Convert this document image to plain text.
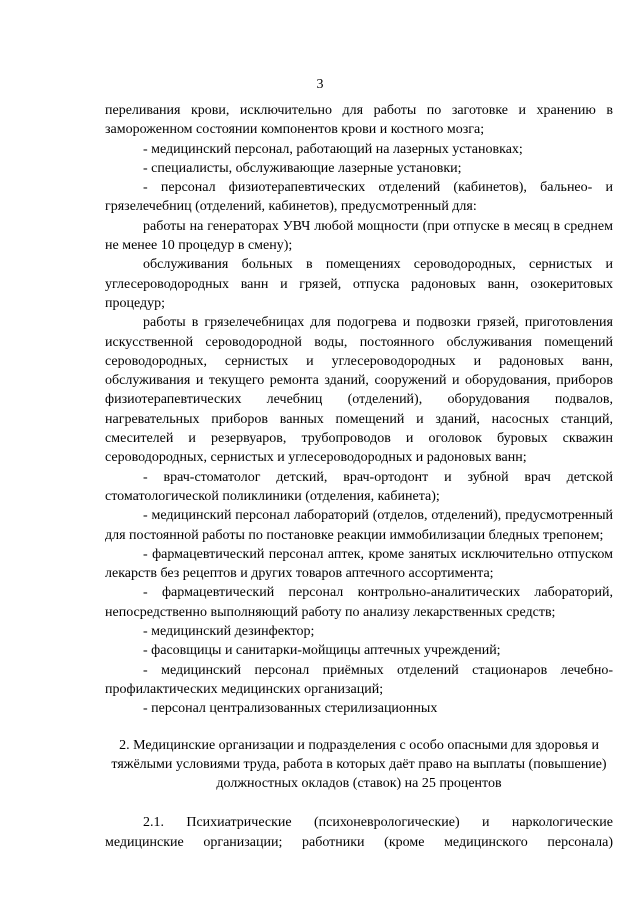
3

переливания крови, исключительно для работы по заготовке и хранению в замороженном состоянии компонентов крови и костного мозга;

- медицинский персонал, работающий на лазерных установках;

- специалисты, обслуживающие лазерные установки;

- персонал физиотерапевтических отделений (кабинетов), бальнео- и грязелечебниц (отделений, кабинетов), предусмотренный для:

работы на генераторах УВЧ любой мощности (при отпуске в месяц в среднем не менее 10 процедур в смену);

обслуживания больных в помещениях сероводородных, сернистых и углесероводородных ванн и грязей, отпуска радоновых ванн, озокеритовых процедур;

работы в грязелечебницах для подогрева и подвозки грязей, приготовления искусственной сероводородной воды, постоянного обслуживания помещений сероводородных, сернистых и углесероводородных и радоновых ванн, обслуживания и текущего ремонта зданий, сооружений и оборудования, приборов физиотерапевтических лечебниц (отделений), оборудования подвалов, нагревательных приборов ванных помещений и зданий, насосных станций, смесителей и резервуаров, трубопроводов и оголовок буровых скважин сероводородных, сернистых и углесероводородных и радоновых ванн;

- врач-стоматолог детский, врач-ортодонт и зубной врач детской стоматологической поликлиники (отделения, кабинета);

- медицинский персонал лабораторий (отделов, отделений), предусмотренный для постоянной работы по постановке реакции иммобилизации бледных трепонем;

- фармацевтический персонал аптек, кроме занятых исключительно отпуском лекарств без рецептов и других товаров аптечного ассортимента;

- фармацевтический персонал контрольно-аналитических лабораторий, непосредственно выполняющий работу по анализу лекарственных средств;

- медицинский дезинфектор;

- фасовщицы и санитарки-мойщицы аптечных учреждений;

- медицинский персонал приёмных отделений стационаров лечебно-профилактических медицинских организаций;

- персонал централизованных стерилизационных

2. Медицинские организации и подразделения с особо опасными для здоровья и тяжёлыми условиями труда, работа в которых даёт право на выплаты (повышение) должностных окладов (ставок) на 25 процентов

2.1. Психиатрические (психоневрологические) и наркологические медицинские организации; работники (кроме медицинского персонала)
